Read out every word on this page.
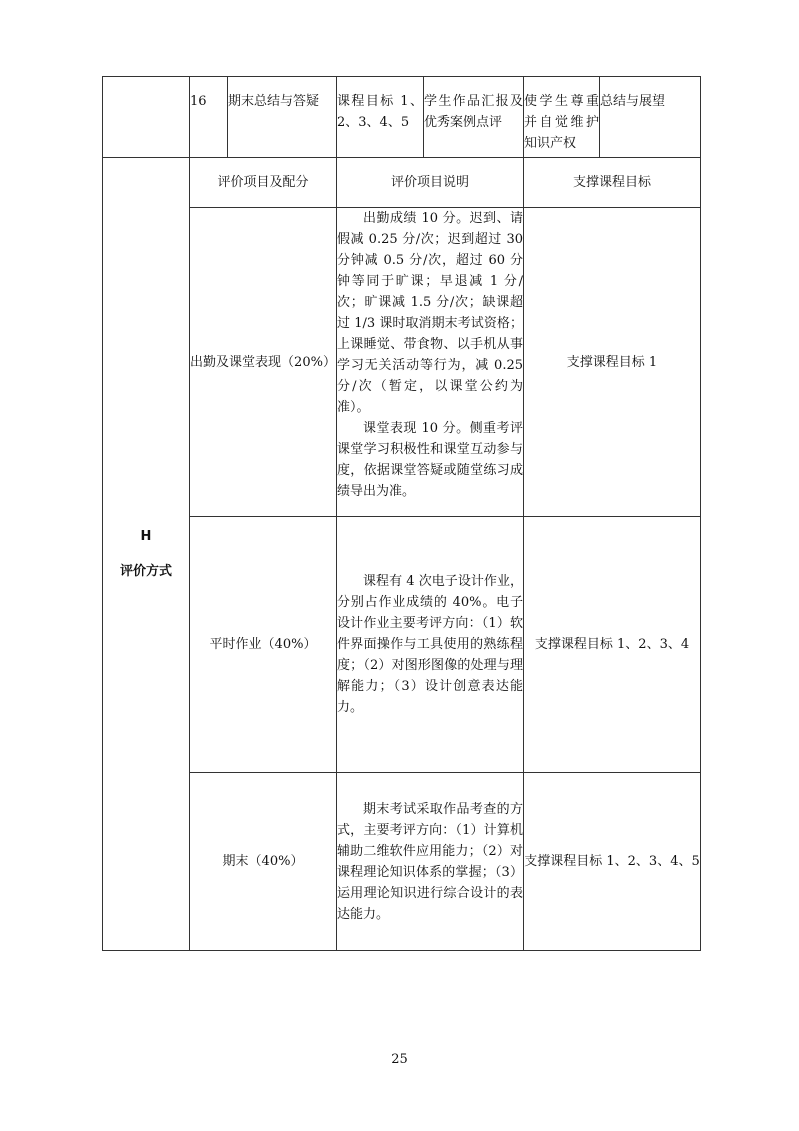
	16	期末总结与答疑	课程目标 1、2、3、4、5	学生作品汇报及优秀案例点评	使学生尊重并自觉维护知识产权	总结与展望

H
评价方式	评价项目及配分		评价项目说明		支撑课程目标	
	出勤及课堂表现（20%）		出勤成绩 10 分。迟到、请假减 0.25 分/次；迟到超过 30 分钟减 0.5 分/次，超过 60 分钟等同于旷课；早退减 1 分/次；旷课减 1.5 分/次；缺课超过 1/3 课时取消期末考试资格；上课睡觉、带食物、以手机从事学习无关活动等行为，减 0.25 分/次（暂定，以课堂公约为准）。

课堂表现 10 分。侧重考评课堂学习积极性和课堂互动参与度，依据课堂答疑或随堂练习成绩导出为准。		支撑课程目标 1	
	平时作业（40%）		课程有 4 次电子设计作业，分别占作业成绩的 40%。电子设计作业主要考评方向：（1）软件界面操作与工具使用的熟练程度；（2）对图形图像的处理与理解能力；（3）设计创意表达能力。		支撑课程目标 1、2、3、4	
	期末（40%）		期末考试采取作品考查的方式，主要考评方向：（1）计算机辅助二维软件应用能力；（2）对课程理论知识体系的掌握；（3）运用理论知识进行综合设计的表达能力。		支撑课程目标 1、2、3、4、5	
25
